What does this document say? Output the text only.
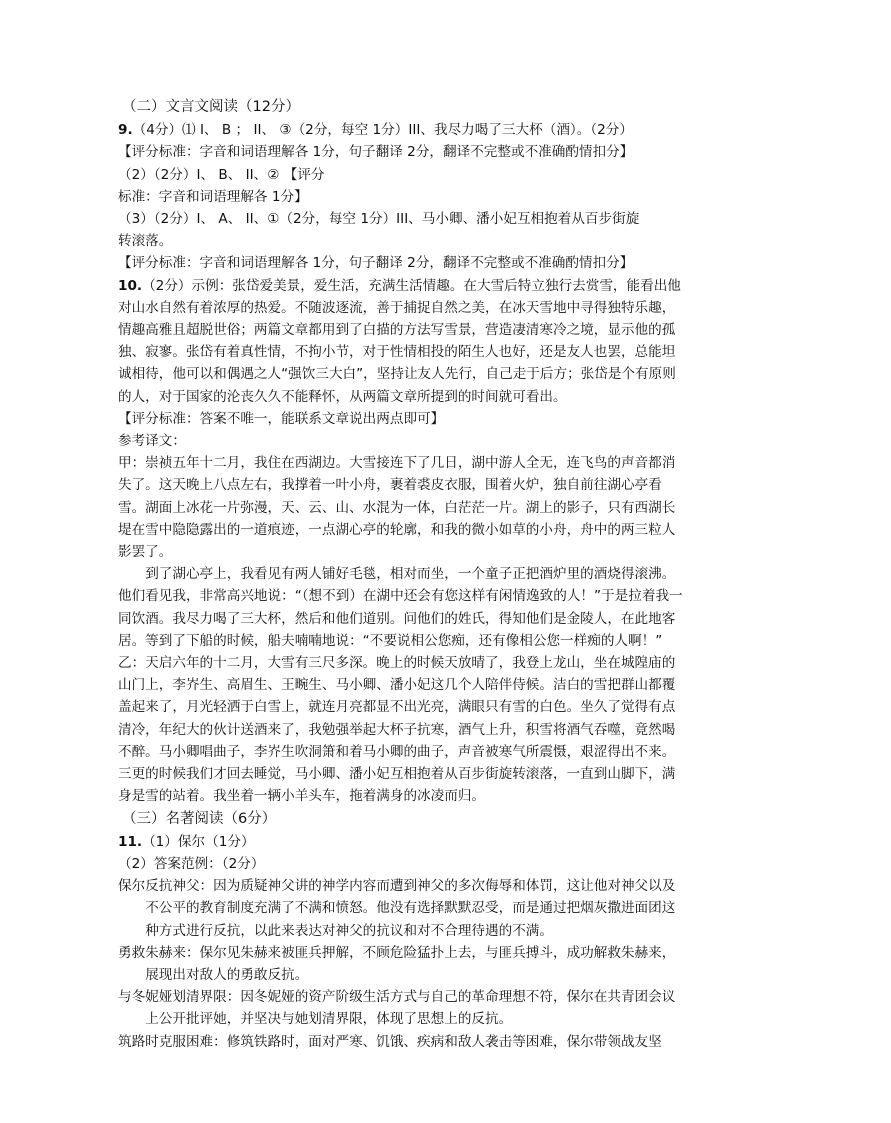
（二）文言文阅读（12分）

9.（4分）⑴ I、 B ； II、 ③（2分，每空 1分）III、我尽力喝了三大杯（酒）。（2分）

【评分标准：字音和词语理解各 1分，句子翻译 2分，翻译不完整或不准确酌情扣分】

（2）（2分）I、 B、 II、② 【评分

标准：字音和词语理解各 1分】

（3）（2分）I、 A、 II、①（2分，每空 1分）III、马小卿、潘小妃互相抱着从百步街旋

转滚落。

【评分标准：字音和词语理解各 1分，句子翻译 2分，翻译不完整或不准确酌情扣分】

10.（2分）示例：张岱爱美景，爱生活，充满生活情趣。在大雪后特立独行去赏雪，能看出他对山水自然有着浓厚的热爱。不随波逐流，善于捕捉自然之美，在冰天雪地中寻得独特乐趣，情趣高雅且超脱世俗；两篇文章都用到了白描的方法写雪景，营造凄清寒冷之境，显示他的孤独、寂寥。张岱有着真性情，不拘小节，对于性情相投的陌生人也好，还是友人也罢，总能坦诚相待，他可以和偶遇之人“强饮三大白”，坚持让友人先行，自己走于后方；张岱是个有原则的人，对于国家的沦丧久久不能释怀，从两篇文章所提到的时间就可看出。

【评分标准：答案不唯一，能联系文章说出两点即可】

参考译文：

甲：崇祯五年十二月，我住在西湖边。大雪接连下了几日，湖中游人全无，连飞鸟的声音都消失了。这天晚上八点左右，我撑着一叶小舟，裹着裘皮衣服，围着火炉，独自前往湖心亭看雪。湖面上冰花一片弥漫，天、云、山、水混为一体，白茫茫一片。湖上的影子，只有西湖长堤在雪中隐隐露出的一道痕迹，一点湖心亭的轮廓，和我的微小如草的小舟，舟中的两三粒人影罢了。

到了湖心亭上，我看见有两人铺好毛毯，相对而坐，一个童子正把酒炉里的酒烧得滚沸。他们看见我，非常高兴地说：“（想不到）在湖中还会有您这样有闲情逸致的人！”于是拉着我一同饮酒。我尽力喝了三大杯，然后和他们道别。问他们的姓氏，得知他们是金陵人，在此地客居。等到了下船的时候，船夫喃喃地说：“不要说相公您痴，还有像相公您一样痴的人啊！”

乙：天启六年的十二月，大雪有三尺多深。晚上的时候天放晴了，我登上龙山，坐在城隍庙的山门上，李岕生、高眉生、王畹生、马小卿、潘小妃这几个人陪伴侍候。洁白的雪把群山都覆盖起来了，月光轻洒于白雪上，就连月亮都显不出光亮，满眼只有雪的白色。坐久了觉得有点清冷，年纪大的伙计送酒来了，我勉强举起大杯子抗寒，酒气上升，积雪将酒气吞噬，竟然喝不醉。马小卿唱曲子，李岕生吹洞箫和着马小卿的曲子，声音被寒气所震慑，艰涩得出不来。三更的时候我们才回去睡觉，马小卿、潘小妃互相抱着从百步街旋转滚落，一直到山脚下，满身是雪的站着。我坐着一辆小羊头车，拖着满身的冰凌而归。

（三）名著阅读（6分）

11.（1）保尔（1分）

（2）答案范例：（2分）

保尔反抗神父：因为质疑神父讲的神学内容而遭到神父的多次侮辱和体罚，这让他对神父以及不公平的教育制度充满了不满和愤怒。他没有选择默默忍受，而是通过把烟灰撒进面团这种方式进行反抗，以此来表达对神父的抗议和对不合理待遇的不满。

勇救朱赫来：保尔见朱赫来被匪兵押解，不顾危险猛扑上去，与匪兵搏斗，成功解救朱赫来，展现出对敌人的勇敢反抗。

与冬妮娅划清界限：因冬妮娅的资产阶级生活方式与自己的革命理想不符，保尔在共青团会议上公开批评她，并坚决与她划清界限，体现了思想上的反抗。

筑路时克服困难：修筑铁路时，面对严寒、饥饿、疾病和敌人袭击等困难，保尔带领战友坚
